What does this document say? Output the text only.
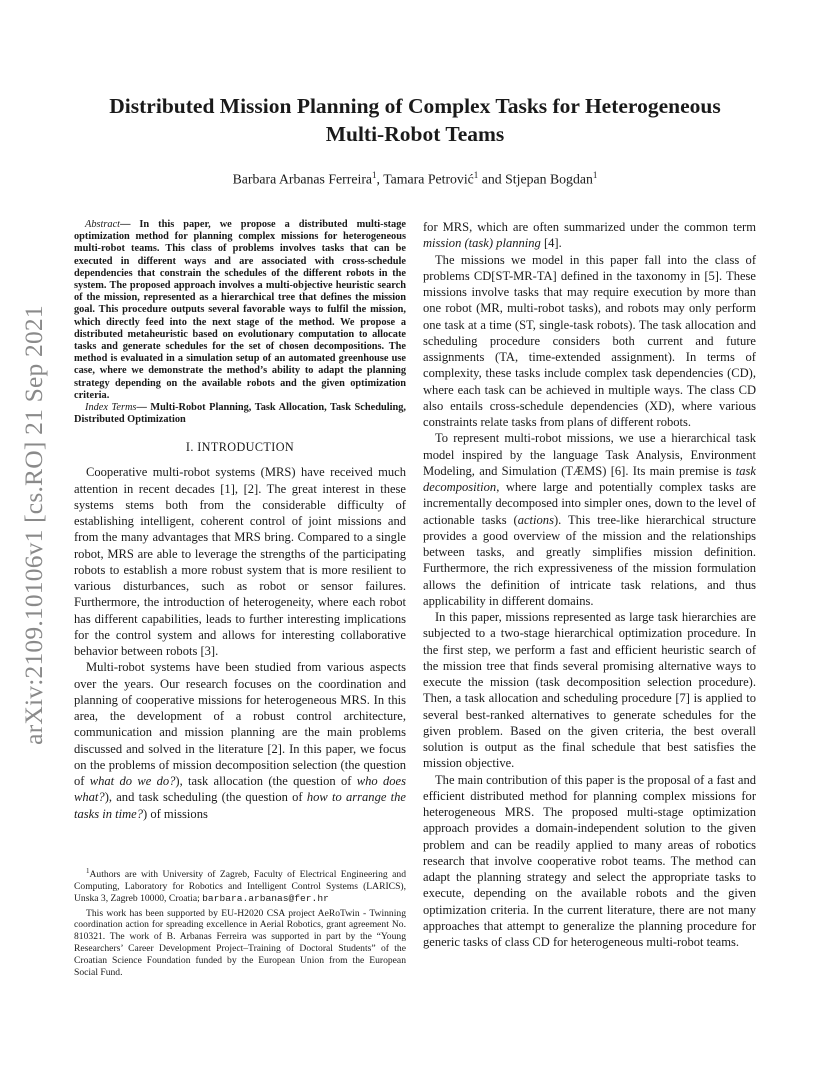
arXiv:2109.10106v1 [cs.RO] 21 Sep 2021
Distributed Mission Planning of Complex Tasks for Heterogeneous
Multi-Robot Teams
Barbara Arbanas Ferreira$^1$, Tamara Petrović$^1$ and Stjepan Bogdan$^1$

Abstract— In this paper, we propose a distributed multi-stage optimization method for planning complex missions for heterogeneous multi-robot teams. This class of problems involves tasks that can be executed in different ways and are associated with cross-schedule dependencies that constrain the schedules of the different robots in the system. The proposed approach involves a multi-objective heuristic search of the mission, represented as a hierarchical tree that defines the mission goal. This procedure outputs several favorable ways to fulfil the mission, which directly feed into the next stage of the method. We propose a distributed metaheuristic based on evolutionary computation to allocate tasks and generate schedules for the set of chosen decompositions. The method is evaluated in a simulation setup of an automated greenhouse use case, where we demonstrate the method’s ability to adapt the planning strategy depending on the available robots and the given optimization criteria.

Index Terms— Multi-Robot Planning, Task Allocation, Task Scheduling, Distributed Optimization

I. INTRODUCTION

Cooperative multi-robot systems (MRS) have received much attention in recent decades [1], [2]. The great interest in these systems stems both from the considerable difficulty of establishing intelligent, coherent control of joint missions and from the many advantages that MRS bring. Compared to a single robot, MRS are able to leverage the strengths of the participating robots to establish a more robust system that is more resilient to various disturbances, such as robot or sensor failures. Furthermore, the introduction of heterogeneity, where each robot has different capabilities, leads to further interesting implications for the control system and allows for interesting collaborative behavior between robots [3].

Multi-robot systems have been studied from various aspects over the years. Our research focuses on the coordination and planning of cooperative missions for heterogeneous MRS. In this area, the development of a robust control architecture, communication and mission planning are the main problems discussed and solved in the literature [2]. In this paper, we focus on the problems of mission decomposition selection (the question of what do we do?), task allocation (the question of who does what?), and task scheduling (the question of how to arrange the tasks in time?) of missions

$^1$Authors are with University of Zagreb, Faculty of Electrical Engineering and Computing, Laboratory for Robotics and Intelligent Control Systems (LARICS), Unska 3, Zagreb 10000, Croatia; barbara.arbanas@fer.hr

This work has been supported by EU-H2020 CSA project AeRoTwin - Twinning coordination action for spreading excellence in Aerial Robotics, grant agreement No. 810321. The work of B. Arbanas Ferreira was supported in part by the “Young Researchers’ Career Development Project–Training of Doctoral Students” of the Croatian Science Foundation funded by the European Union from the European Social Fund.

for MRS, which are often summarized under the common term mission (task) planning [4].

The missions we model in this paper fall into the class of problems CD[ST-MR-TA] defined in the taxonomy in [5]. These missions involve tasks that may require execution by more than one robot (MR, multi-robot tasks), and robots may only perform one task at a time (ST, single-task robots). The task allocation and scheduling procedure considers both current and future assignments (TA, time-extended assignment). In terms of complexity, these tasks include complex task dependencies (CD), where each task can be achieved in multiple ways. The class CD also entails cross-schedule dependencies (XD), where various constraints relate tasks from plans of different robots.

To represent multi-robot missions, we use a hierarchical task model inspired by the language Task Analysis, Environment Modeling, and Simulation (TÆMS) [6]. Its main premise is task decomposition, where large and potentially complex tasks are incrementally decomposed into simpler ones, down to the level of actionable tasks (actions). This tree-like hierarchical structure provides a good overview of the mission and the relationships between tasks, and greatly simplifies mission definition. Furthermore, the rich expressiveness of the mission formulation allows the definition of intricate task relations, and thus applicability in different domains.

In this paper, missions represented as large task hierarchies are subjected to a two-stage hierarchical optimization procedure. In the first step, we perform a fast and efficient heuristic search of the mission tree that finds several promising alternative ways to execute the mission (task decomposition selection procedure). Then, a task allocation and scheduling procedure [7] is applied to several best-ranked alternatives to generate schedules for the given problem. Based on the given criteria, the best overall solution is output as the final schedule that best satisfies the mission objective.

The main contribution of this paper is the proposal of a fast and efficient distributed method for planning complex missions for heterogeneous MRS. The proposed multi-stage optimization approach provides a domain-independent solution to the given problem and can be readily applied to many areas of robotics research that involve cooperative robot teams. The method can adapt the planning strategy and select the appropriate tasks to execute, depending on the available robots and the given optimization criteria. In the current literature, there are not many approaches that attempt to generalize the planning procedure for generic tasks of class CD for heterogeneous multi-robot teams.
